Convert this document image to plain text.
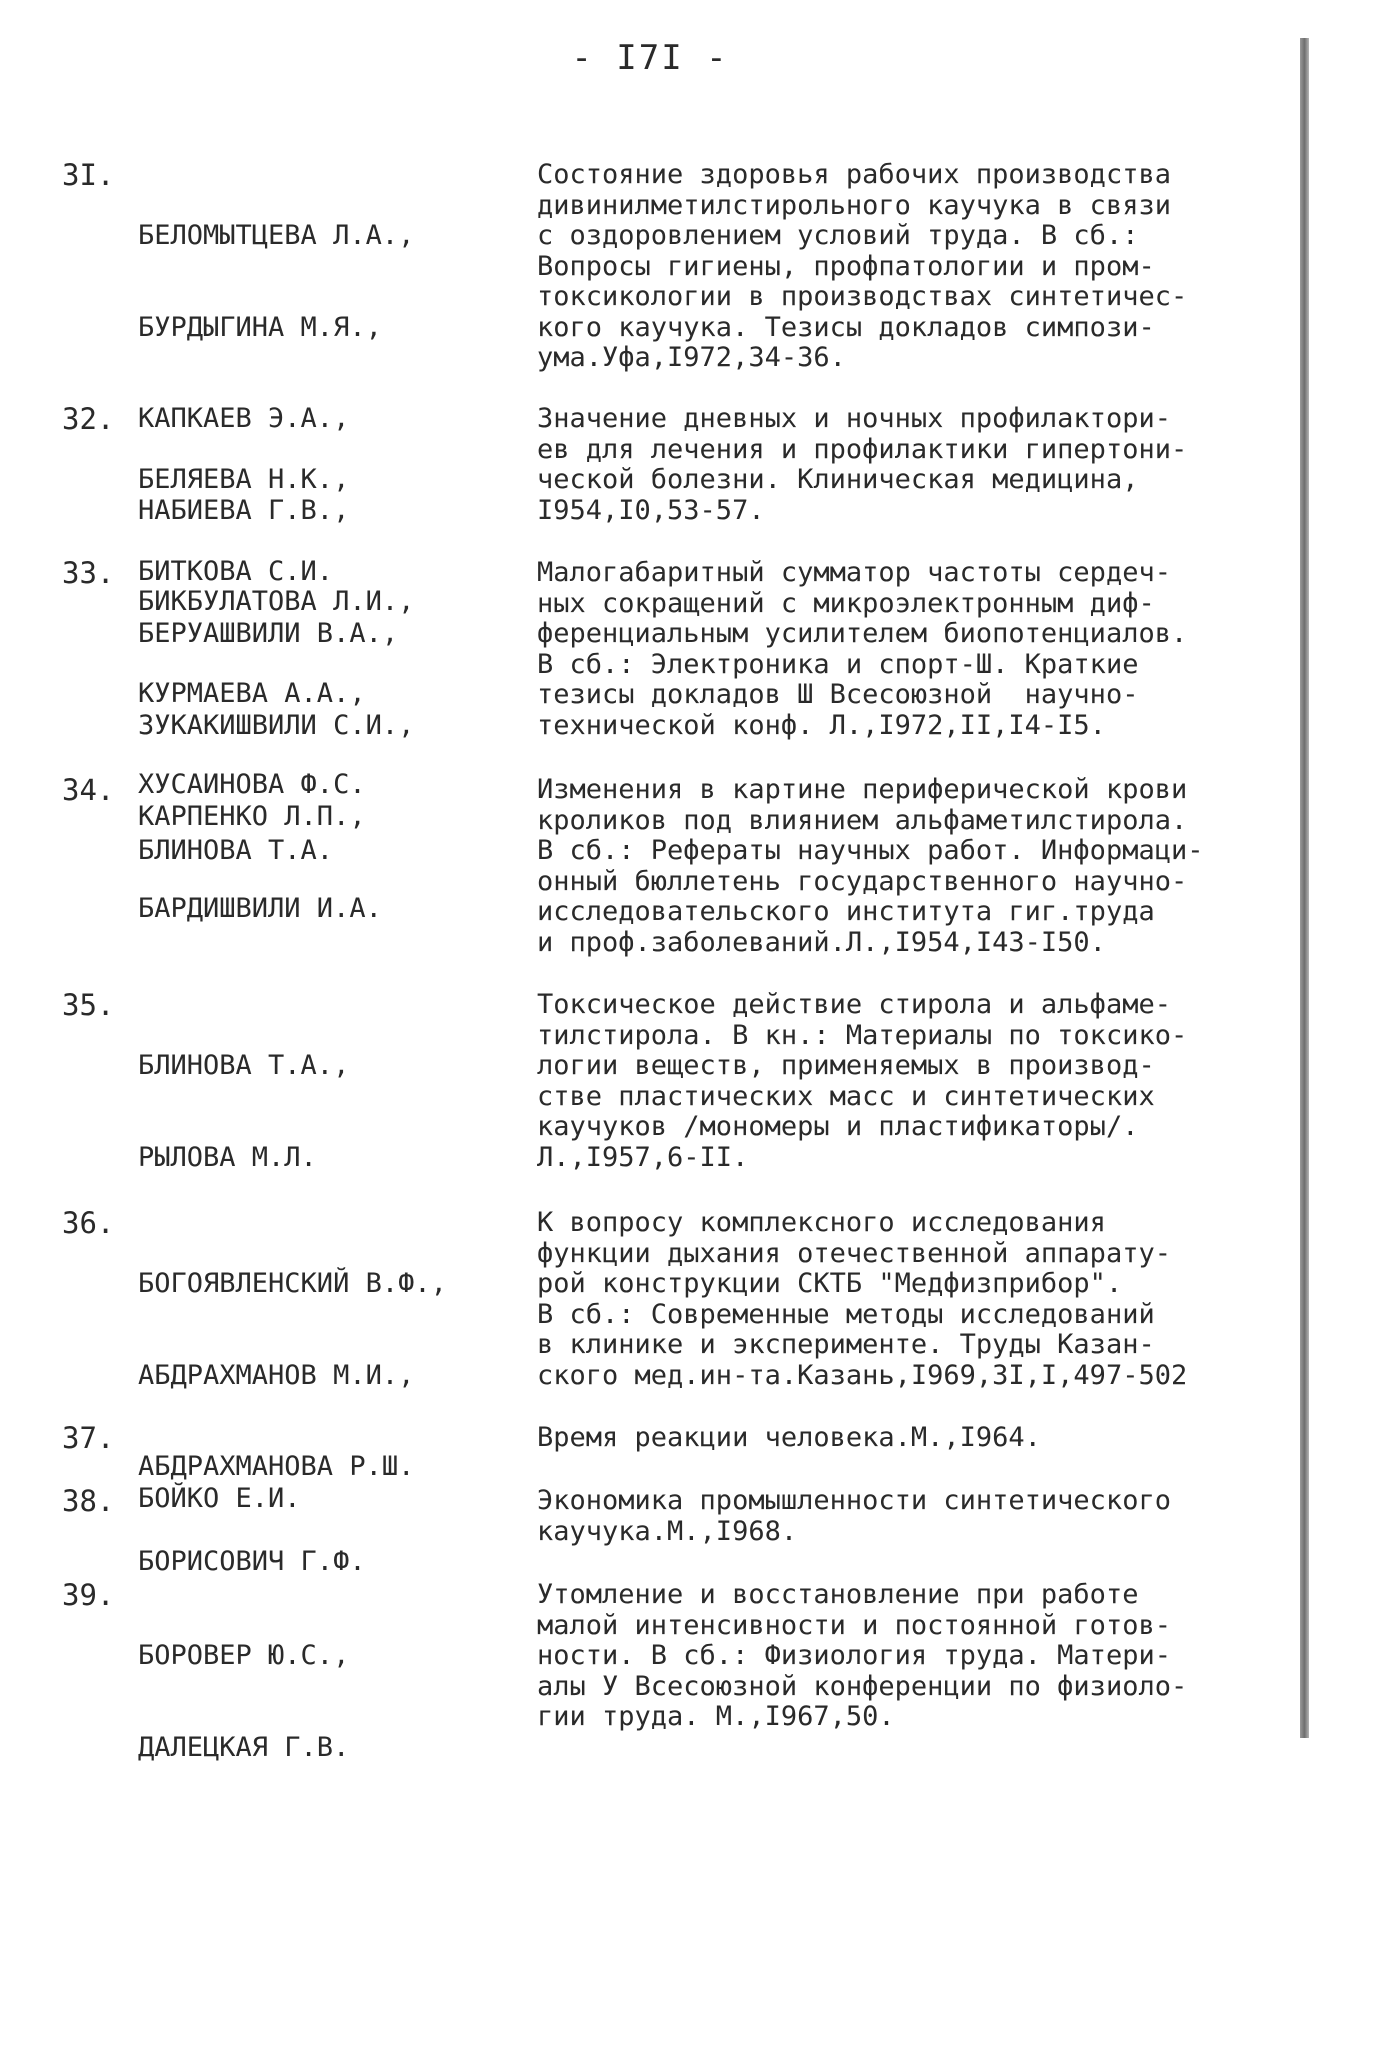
- I7I -
3I.

БЕЛОМЫТЦЕВА Л.А.,

БУРДЫГИНА М.Я.,

КАПКАЕВ Э.А.,

НАБИЕВА Г.В.,

БИКБУЛАТОВА Л.И.,

КУРМАЕВА А.А.,

ХУСАИНОВА Ф.С.

Состояние здоровья рабочих производства
дивинилметилстирольного каучука в связи
с оздоровлением условий труда. В сб.:
Вопросы гигиены, профпатологии и пром-
токсикологии в производствах синтетичес-
кого каучука. Тезисы докладов симпози-
ума.Уфа,I972,34-36.
32.

БЕЛЯЕВА Н.К.,

БИТКОВА С.И.

Значение дневных и ночных профилактори-
ев для лечения и профилактики гипертони-
ческой болезни. Клиническая медицина,
I954,I0,53-57.
33.

БЕРУАШВИЛИ В.А.,

ЗУКАКИШВИЛИ С.И.,

КАРПЕНКО Л.П.,

БАРДИШВИЛИ И.А.

Малогабаритный сумматор частоты сердеч-
ных сокращений с микроэлектронным диф-
ференциальным усилителем биопотенциалов.
В сб.: Электроника и спорт-Ш. Краткие
тезисы докладов Ш Всесоюзной  научно-
технической конф. Л.,I972,II,I4-I5.
34.

БЛИНОВА Т.А.

Изменения в картине периферической крови
кроликов под влиянием альфаметилстирола.
В сб.: Рефераты научных работ. Информаци-
онный бюллетень государственного научно-
исследовательского института гиг.труда
и проф.заболеваний.Л.,I954,I43-I50.
35.

БЛИНОВА Т.А.,

РЫЛОВА М.Л.

Токсическое действие стирола и альфаме-
тилстирола. В кн.: Материалы по токсико-
логии веществ, применяемых в производ-
стве пластических масс и синтетических
каучуков /мономеры и пластификаторы/.
Л.,I957,6-II.
36.

БОГОЯВЛЕНСКИЙ В.Ф.,

АБДРАХМАНОВ М.И.,

АБДРАХМАНОВА Р.Ш.

К вопросу комплексного исследования
функции дыхания отечественной аппарату-
рой конструкции СКТБ "Медфизприбор".
В сб.: Современные методы исследований
в клинике и эксперименте. Труды Казан-
ского мед.ин-та.Казань,I969,3I,I,497-502
37.

БОЙКО Е.И.

Время реакции человека.М.,I964.
38.

БОРИСОВИЧ Г.Ф.

Экономика промышленности синтетического
каучука.М.,I968.
39.

БОРОВЕР Ю.С.,

ДАЛЕЦКАЯ Г.В.

Утомление и восстановление при работе
малой интенсивности и постоянной готов-
ности. В сб.: Физиология труда. Матери-
алы У Всесоюзной конференции по физиоло-
гии труда. М.,I967,50.
